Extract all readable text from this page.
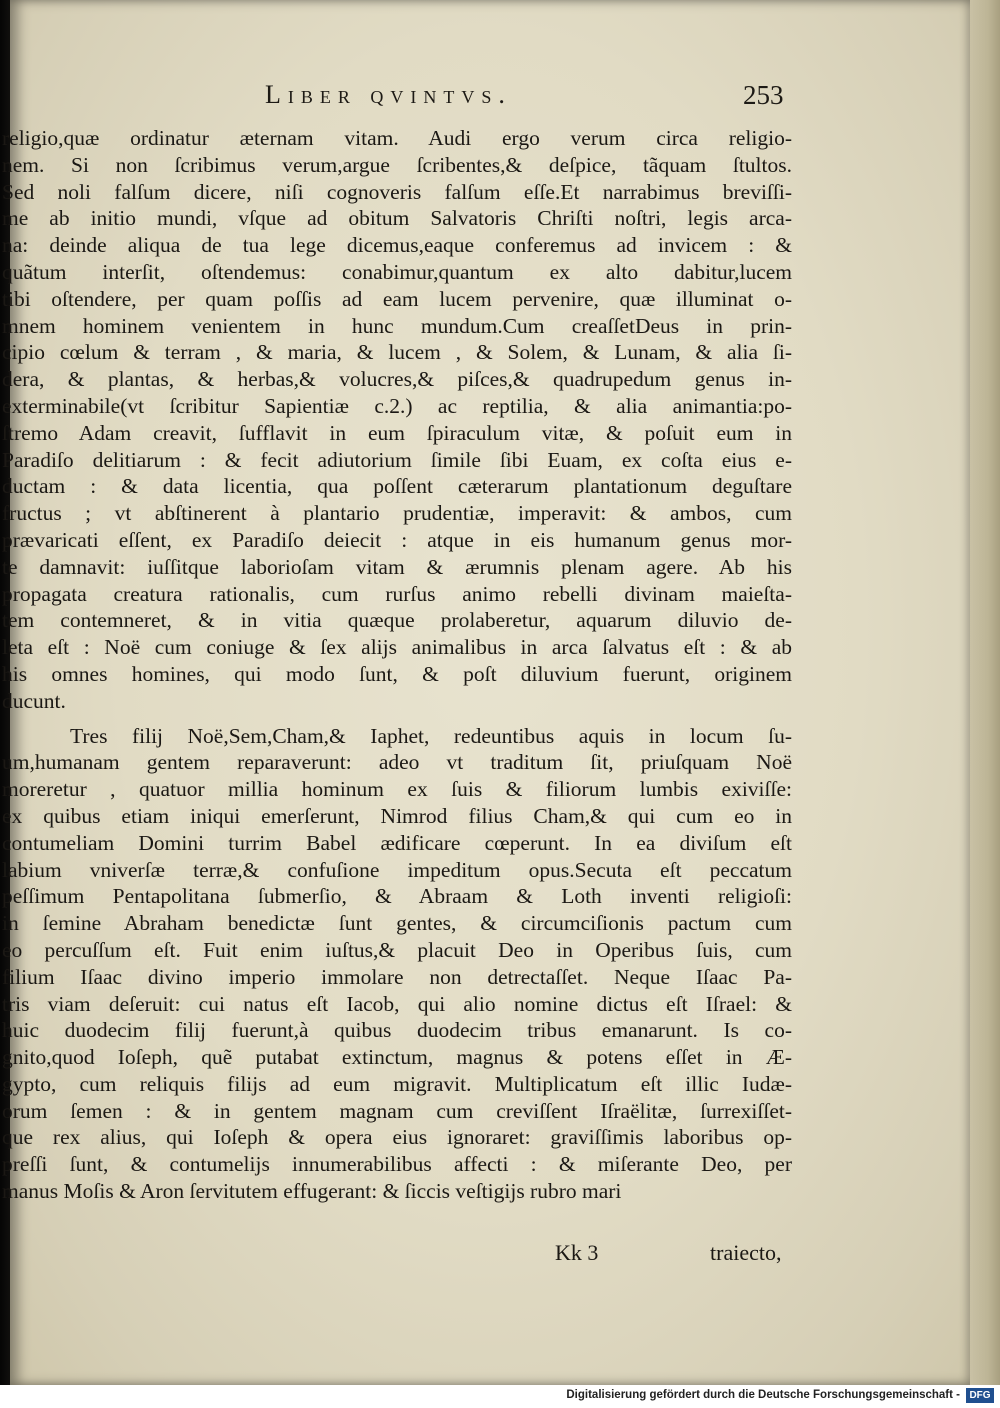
Liber qvintvs.	253
religio,quæ ordinatur æternam vitam. Audi ergo verum circa religio-
nem. Si non ſcribimus verum,argue ſcribentes,& deſpice, tãquam ſtultos.
Sed noli falſum dicere, niſi cognoveris falſum eſſe.Et narrabimus breviſſi-
me ab initio mundi, vſque ad obitum Salvatoris Chriſti noſtri, legis arca-
na: deinde aliqua de tua lege dicemus,eaque conferemus ad invicem : &
quãtum interſit, oſtendemus: conabimur,quantum ex alto dabitur,lucem
tibi oſtendere, per quam poſſis ad eam lucem pervenire, quæ illuminat o-
mnem hominem venientem in hunc mundum.Cum creaſſetDeus in prin-
cipio cœlum & terram , & maria, & lucem , & Solem, & Lunam, & alia ſi-
dera, & plantas, & herbas,& volucres,& piſces,& quadrupedum genus in-
exterminabile(vt ſcribitur Sapientiæ c.2.) ac reptilia, & alia animantia:po-
ſtremo Adam creavit, ſufflavit in eum ſpiraculum vitæ, & poſuit eum in
Paradiſo delitiarum : & fecit adiutorium ſimile ſibi Euam, ex coſta eius e-
ductam : & data licentia, qua poſſent cæterarum plantationum deguſtare
fructus ; vt abſtinerent à plantario prudentiæ, imperavit: & ambos, cum
prævaricati eſſent, ex Paradiſo deiecit : atque in eis humanum genus mor-
te damnavit: iuſſitque laborioſam vitam & ærumnis plenam agere. Ab his
propagata creatura rationalis, cum rurſus animo rebelli divinam maieſta-
tem contemneret, & in vitia quæque prolaberetur, aquarum diluvio de-
leta eſt : Noë cum coniuge & ſex alijs animalibus in arca ſalvatus eſt : & ab
his omnes homines, qui modo ſunt, & poſt diluvium fuerunt, originem
ducunt.
Tres filij Noë,Sem,Cham,& Iaphet, redeuntibus aquis in locum ſu-
um,humanam gentem reparaverunt: adeo vt traditum ſit, priuſquam Noë
moreretur , quatuor millia hominum ex ſuis & filiorum lumbis exiviſſe:
ex quibus etiam iniqui emerſerunt, Nimrod filius Cham,& qui cum eo in
contumeliam Domini turrim Babel ædificare cœperunt. In ea diviſum eſt
labium vniverſæ terræ,& confuſione impeditum opus.Secuta eſt peccatum
peſſimum Pentapolitana ſubmerſio, & Abraam & Loth inventi religioſi:
in ſemine Abraham benedictæ ſunt gentes, & circumciſionis pactum cum
eo percuſſum eſt. Fuit enim iuſtus,& placuit Deo in Operibus ſuis, cum
filium Iſaac divino imperio immolare non detrectaſſet. Neque Iſaac Pa-
tris viam deſeruit: cui natus eſt Iacob, qui alio nomine dictus eſt Iſrael: &
huic duodecim filij fuerunt,à quibus duodecim tribus emanarunt. Is co-
gnito,quod Ioſeph, quẽ putabat extinctum, magnus & potens eſſet in Æ-
gypto, cum reliquis filijs ad eum migravit. Multiplicatum eſt illic Iudæ-
orum ſemen : & in gentem magnam cum creviſſent Iſraëlitæ, ſurrexiſſet-
que rex alius, qui Ioſeph & opera eius ignoraret: graviſſimis laboribus op-
preſſi ſunt, & contumelijs innumerabilibus affecti : & miſerante Deo, per
manus Moſis & Aron ſervitutem effugerant: & ſiccis veſtigijs rubro mari
Kk 3	traiecto,
Digitalisierung gefördert durch die Deutsche Forschungsgemeinschaft - DFG
